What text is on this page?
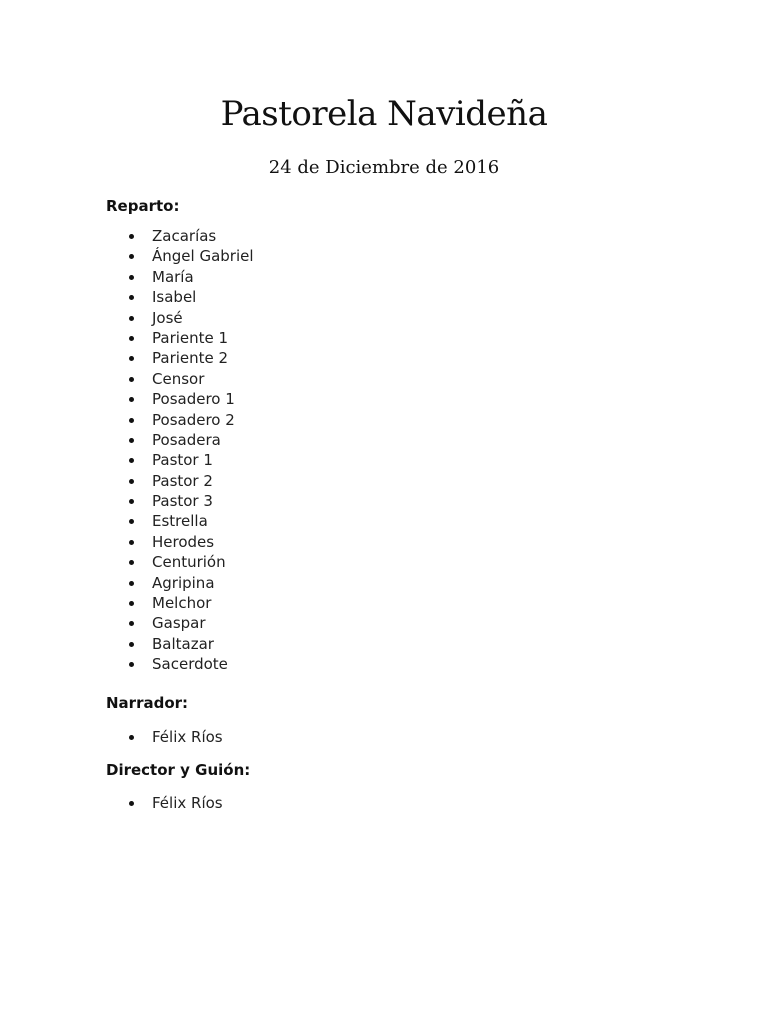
Pastorela Navideña

24 de Diciembre de 2016

Reparto:

Zacarías
Ángel Gabriel
María
Isabel
José
Pariente 1
Pariente 2
Censor
Posadero 1
Posadero 2
Posadera
Pastor 1
Pastor 2
Pastor 3
Estrella
Herodes
Centurión
Agripina
Melchor
Gaspar
Baltazar
Sacerdote

Narrador:

Félix Ríos

Director y Guión:

Félix Ríos
